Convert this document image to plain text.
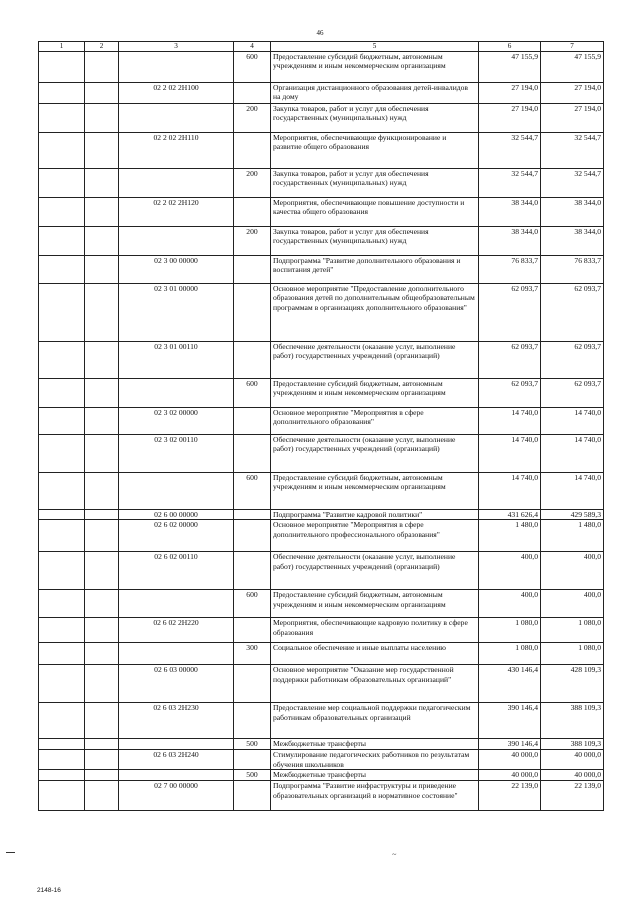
46
1	2	3	4	5	6	7
			600	Предоставление субсидий бюджетным, автономным учреждениям и иным некоммерческим организациям	47 155,9	47 155,9
		02 2 02 2Н100		Организация дистанционного образования детей-инвалидов на дому	27 194,0	27 194,0
			200	Закупка товаров, работ и услуг для обеспечения государственных (муниципальных) нужд	27 194,0	27 194,0
		02 2 02 2Н110		Мероприятия, обеспечивающие функционирование и развитие общего образования	32 544,7	32 544,7
			200	Закупка товаров, работ и услуг для обеспечения государственных (муниципальных) нужд	32 544,7	32 544,7
		02 2 02 2Н120		Мероприятия, обеспечивающие повышение доступности и качества общего образования	38 344,0	38 344,0
			200	Закупка товаров, работ и услуг для обеспечения государственных (муниципальных) нужд	38 344,0	38 344,0
		02 3 00 00000		Подпрограмма "Развитие дополнительного образования и воспитания детей"	76 833,7	76 833,7
		02 3 01 00000		Основное мероприятие "Предоставление дополнительного образования детей по дополнительным общеобразовательным программам в организациях дополнительного образования"	62 093,7	62 093,7
		02 3 01 00110		Обеспечение деятельности (оказание услуг, выполнение работ) государственных учреждений (организаций)	62 093,7	62 093,7
			600	Предоставление субсидий бюджетным, автономным учреждениям и иным некоммерческим организациям	62 093,7	62 093,7
		02 3 02 00000		Основное мероприятие "Мероприятия в сфере дополнительного образования"	14 740,0	14 740,0
		02 3 02 00110		Обеспечение деятельности (оказание услуг, выполнение работ) государственных учреждений (организаций)	14 740,0	14 740,0
			600	Предоставление субсидий бюджетным, автономным учреждениям и иным некоммерческим организациям	14 740,0	14 740,0
		02 6 00 00000		Подпрограмма "Развитие кадровой политики"	431 626,4	429 589,3
		02 6 02 00000		Основное мероприятие "Мероприятия в сфере дополнительного профессионального образования"	1 480,0	1 480,0
		02 6 02 00110		Обеспечение деятельности (оказание услуг, выполнение работ) государственных учреждений (организаций)	400,0	400,0
			600	Предоставление субсидий бюджетным, автономным учреждениям и иным некоммерческим организациям	400,0	400,0
		02 6 02 2Н220		Мероприятия, обеспечивающие кадровую политику в сфере образования	1 080,0	1 080,0
			300	Социальное обеспечение и иные выплаты населению	1 080,0	1 080,0
		02 6 03 00000		Основное мероприятие "Оказание мер государственной поддержки работникам образовательных организаций"	430 146,4	428 109,3
		02 6 03 2Н230		Предоставление мер социальной поддержки педагогическим работникам образовательных организаций	390 146,4	388 109,3
			500	Межбюджетные трансферты	390 146,4	388 109,3
		02 6 03 2Н240		Стимулирование педагогических работников по результатам обучения школьников	40 000,0	40 000,0
			500	Межбюджетные трансферты	40 000,0	40 000,0
		02 7 00 00000		Подпрограмма "Развитие инфраструктуры и приведение образовательных организаций в нормативное состояние"	22 139,0	22 139,0
~
2148-16
